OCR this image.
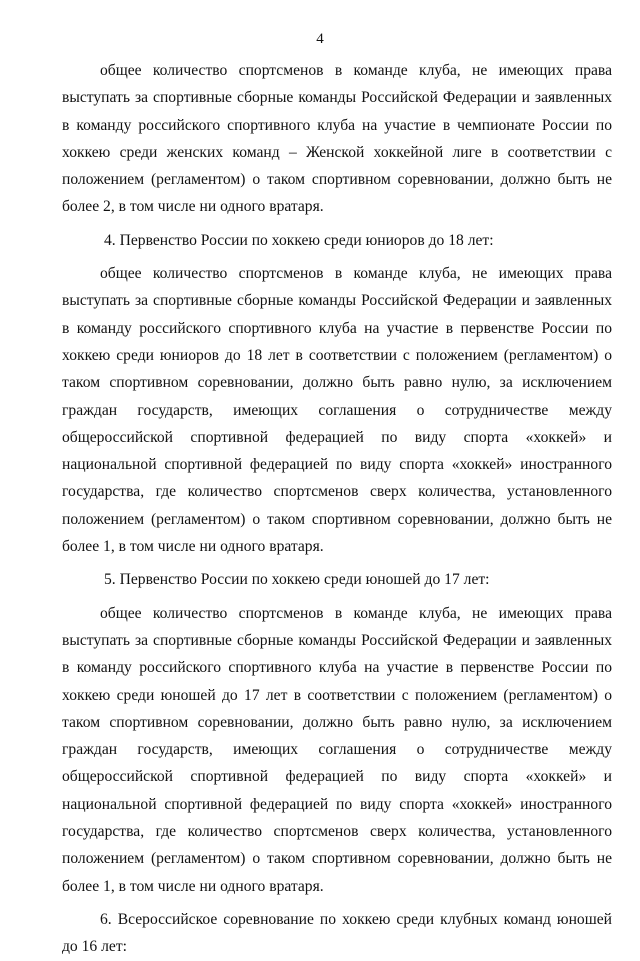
4

общее количество спортсменов в команде клуба, не имеющих права выступать за спортивные сборные команды Российской Федерации и заявленных в команду российского спортивного клуба на участие в чемпионате России по хоккею среди женских команд – Женской хоккейной лиге в соответствии с положением (регламентом) о таком спортивном соревновании, должно быть не более 2, в том числе ни одного вратаря.

4. Первенство России по хоккею среди юниоров до 18 лет:

общее количество спортсменов в команде клуба, не имеющих права выступать за спортивные сборные команды Российской Федерации и заявленных в команду российского спортивного клуба на участие в первенстве России по хоккею среди юниоров до 18 лет в соответствии с положением (регламентом) о таком спортивном соревновании, должно быть равно нулю, за исключением граждан государств, имеющих соглашения о сотрудничестве между общероссийской спортивной федерацией по виду спорта «хоккей» и национальной спортивной федерацией по виду спорта «хоккей» иностранного государства, где количество спортсменов сверх количества, установленного положением (регламентом) о таком спортивном соревновании, должно быть не более 1, в том числе ни одного вратаря.

5. Первенство России по хоккею среди юношей до 17 лет:

общее количество спортсменов в команде клуба, не имеющих права выступать за спортивные сборные команды Российской Федерации и заявленных в команду российского спортивного клуба на участие в первенстве России по хоккею среди юношей до 17 лет в соответствии с положением (регламентом) о таком спортивном соревновании, должно быть равно нулю, за исключением граждан государств, имеющих соглашения о сотрудничестве между общероссийской спортивной федерацией по виду спорта «хоккей» и национальной спортивной федерацией по виду спорта «хоккей» иностранного государства, где количество спортсменов сверх количества, установленного положением (регламентом) о таком спортивном соревновании, должно быть не более 1, в том числе ни одного вратаря.

6. Всероссийское соревнование по хоккею среди клубных команд юношей до 16 лет:
